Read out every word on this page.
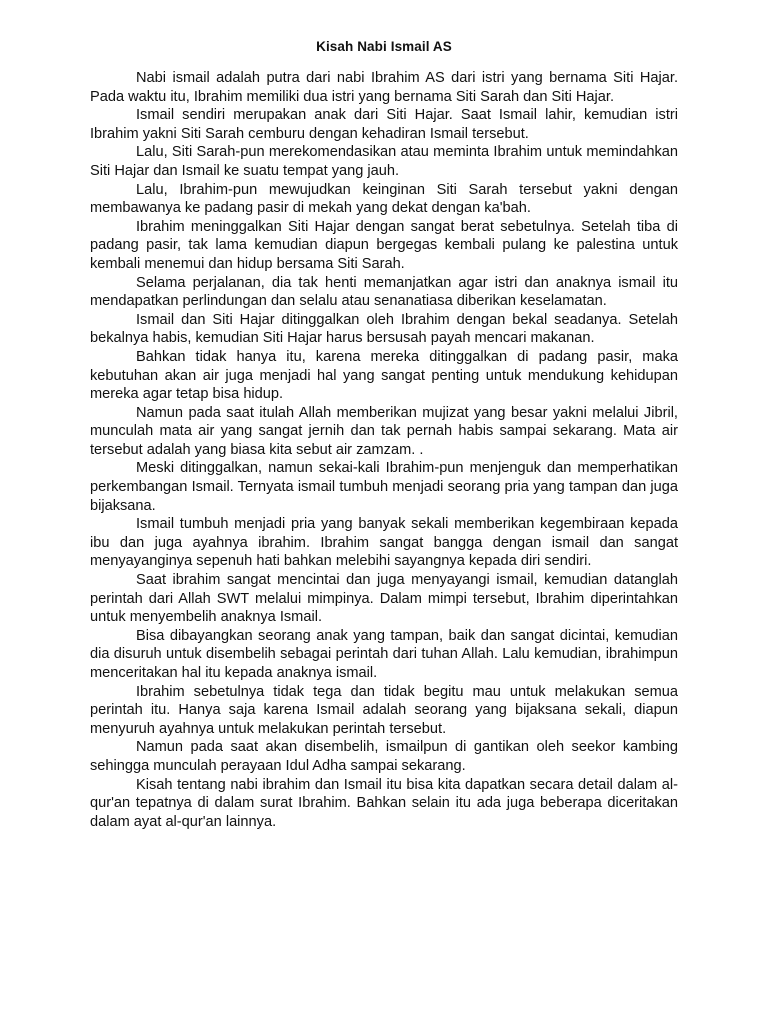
Kisah Nabi Ismail AS

Nabi ismail adalah putra dari nabi Ibrahim AS dari istri yang bernama Siti Hajar. Pada waktu itu, Ibrahim memiliki dua istri yang bernama Siti Sarah dan Siti Hajar.

Ismail sendiri merupakan anak dari Siti Hajar. Saat Ismail lahir, kemudian istri Ibrahim yakni Siti Sarah cemburu dengan kehadiran Ismail tersebut.

Lalu, Siti Sarah-pun merekomendasikan atau meminta Ibrahim untuk memindahkan Siti Hajar dan Ismail ke suatu tempat yang jauh.

Lalu, Ibrahim-pun mewujudkan keinginan Siti Sarah tersebut yakni dengan membawanya ke padang pasir di mekah yang dekat dengan ka'bah.

Ibrahim meninggalkan Siti Hajar dengan sangat berat sebetulnya. Setelah tiba di padang pasir, tak lama kemudian diapun bergegas kembali pulang ke palestina untuk kembali menemui dan hidup bersama Siti Sarah.

Selama perjalanan, dia tak henti memanjatkan agar istri dan anaknya ismail itu mendapatkan perlindungan dan selalu atau senanatiasa diberikan keselamatan.

Ismail dan Siti Hajar ditinggalkan oleh Ibrahim dengan bekal seadanya. Setelah bekalnya habis, kemudian Siti Hajar harus bersusah payah mencari makanan.

Bahkan tidak hanya itu, karena mereka ditinggalkan di padang pasir, maka kebutuhan akan air juga menjadi hal yang sangat penting untuk mendukung kehidupan mereka agar tetap bisa hidup.

Namun pada saat itulah Allah memberikan mujizat yang besar yakni melalui Jibril, munculah mata air yang sangat jernih dan tak pernah habis sampai sekarang. Mata air tersebut adalah yang biasa kita sebut air zamzam. .

Meski ditinggalkan, namun sekai-kali Ibrahim-pun menjenguk dan memperhatikan perkembangan Ismail. Ternyata ismail tumbuh menjadi seorang pria yang tampan dan juga bijaksana.

Ismail tumbuh menjadi pria yang banyak sekali memberikan kegembiraan kepada ibu dan juga ayahnya ibrahim. Ibrahim sangat bangga dengan ismail dan sangat menyayanginya sepenuh hati bahkan melebihi sayangnya kepada diri sendiri.

Saat ibrahim sangat mencintai dan juga menyayangi ismail, kemudian datanglah perintah dari Allah SWT melalui mimpinya. Dalam mimpi tersebut, Ibrahim diperintahkan untuk menyembelih anaknya Ismail.

Bisa dibayangkan seorang anak yang tampan, baik dan sangat dicintai, kemudian dia disuruh untuk disembelih sebagai perintah dari tuhan Allah. Lalu kemudian, ibrahimpun menceritakan hal itu kepada anaknya ismail.

Ibrahim sebetulnya tidak tega dan tidak begitu mau untuk melakukan semua perintah itu. Hanya saja karena Ismail adalah seorang yang bijaksana sekali, diapun menyuruh ayahnya untuk melakukan perintah tersebut.

Namun pada saat akan disembelih, ismailpun di gantikan oleh seekor kambing sehingga munculah perayaan Idul Adha sampai sekarang.

Kisah tentang nabi ibrahim dan Ismail itu bisa kita dapatkan secara detail dalam al-qur'an tepatnya di dalam surat Ibrahim. Bahkan selain itu ada juga beberapa diceritakan dalam ayat al-qur'an lainnya.
